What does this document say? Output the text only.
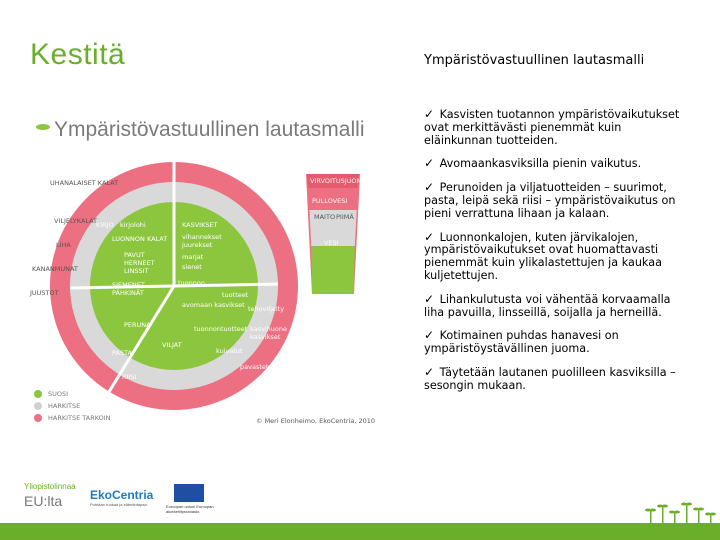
Kestitä
Ympäristövastuullinen lautasmalli
UHANALAISET KALAT
VILJELYKALAT
LIHA
KANANMUNAT
JUUSTOT
KIRJO kirjolohi
LUONNON KALAT
PAVUT
HERNEET
LINSSIT
SIEMENET
PÄHKINÄT
KASVIKSET
vihannekset
juurekset
marjat
sienet
tuonnon
tuotteet
avomaan kasvikset tehoviljelty
tuonnontuotteet kasvihuone
kasvikset
PERUNA
VILJAT
PASTA	kuivatut
pavastetut
RIISI
VIRVOITUSJUOMAT
PULLOVESI
MAITO PIIMÄ
VESI
SUOSI
HARKITSE
HARKITSE TARKOIN	© Meri Elonheimo, EkoCentria, 2010
Ympäristövastuullinen lautasmalli
✓ Kasvisten tuotannon ympäristövaikutukset ovat merkittävästi pienemmät kuin eläinkunnan tuotteiden.
✓ Avomaankasviksilla pienin vaikutus.
✓ Perunoiden ja viljatuotteiden – suurimot, pasta, leipä sekä riisi – ympäristövaikutus on pieni verrattuna lihaan ja kalaan.
✓ Luonnonkalojen, kuten järvikalojen, ympäristövaikutukset ovat huomattavasti pienemmät kuin ylikalastettujen ja kaukaa kuljetettujen.
✓ Lihankulutusta voi vähentää korvaamalla liha pavuilla, linsseillä, soijalla ja herneillä.
✓ Kotimainen puhdas hanavesi on ympäristöystävällinen juoma.
✓ Täytetään lautanen puolilleen kasviksilla – sesongin mukaan.
Yliopistolinnaa
EU:lta	EkoCentria
Puhtaan ruokaa ja elämäntapaa	Euroopan unioni Euroopan aluekehitysrahasto
